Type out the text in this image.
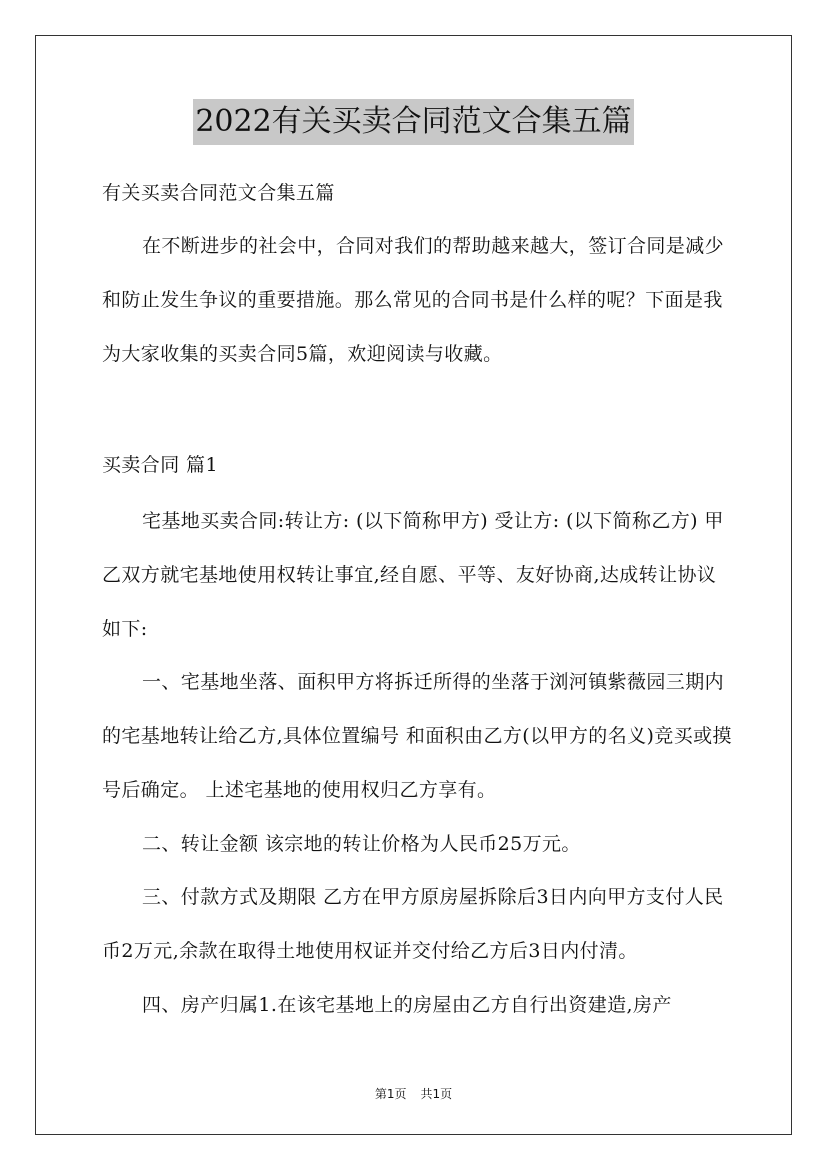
2022有关买卖合同范文合集五篇

有关买卖合同范文合集五篇

在不断进步的社会中，合同对我们的帮助越来越大，签订合同是减少和防止发生争议的重要措施。那么常见的合同书是什么样的呢？下面是我为大家收集的买卖合同5篇，欢迎阅读与收藏。

买卖合同 篇1

宅基地买卖合同:转让方: (以下简称甲方) 受让方: (以下简称乙方) 甲乙双方就宅基地使用权转让事宜,经自愿、平等、友好协商,达成转让协议如下:

一、宅基地坐落、面积甲方将拆迁所得的坐落于浏河镇紫薇园三期内的宅基地转让给乙方,具体位置编号 和面积由乙方(以甲方的名义)竞买或摸号后确定。 上述宅基地的使用权归乙方享有。

二、转让金额 该宗地的转让价格为人民币25万元。

三、付款方式及期限 乙方在甲方原房屋拆除后3日内向甲方支付人民币2万元,余款在取得土地使用权证并交付给乙方后3日内付清。

四、房产归属1.在该宅基地上的房屋由乙方自行出资建造,房产

第1页 共1页
